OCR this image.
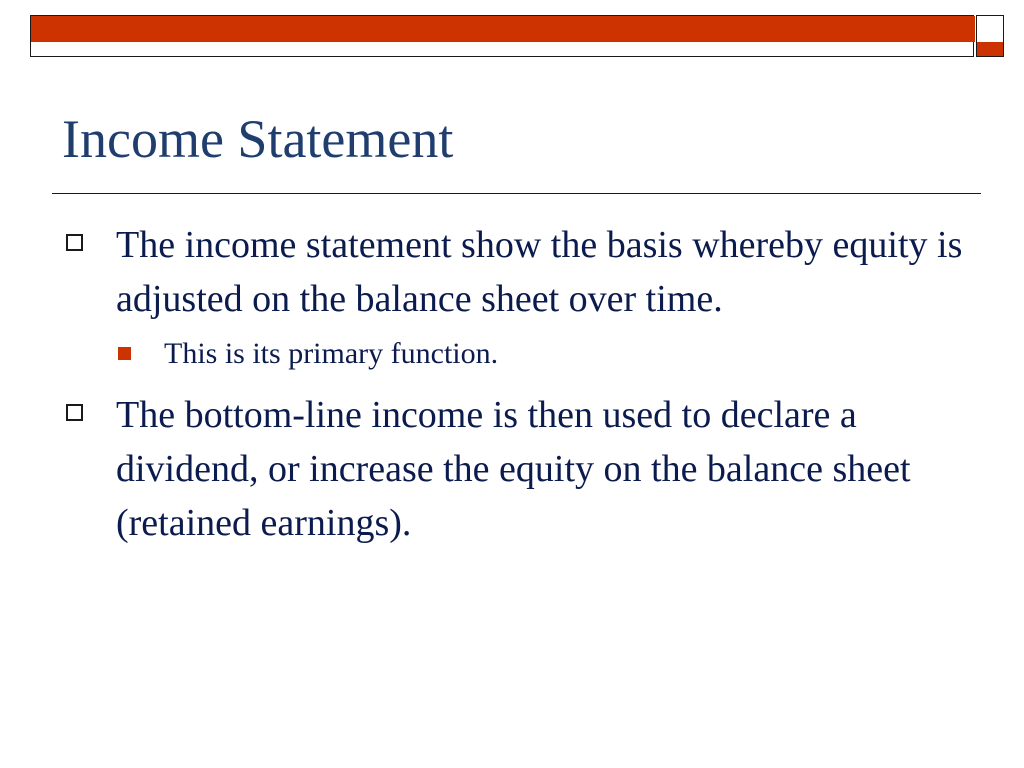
Income Statement
The income statement show the basis whereby equity is adjusted on the balance sheet over time.
This is its primary function.
The bottom-line income is then used to declare a dividend, or increase the equity on the balance sheet (retained earnings).
